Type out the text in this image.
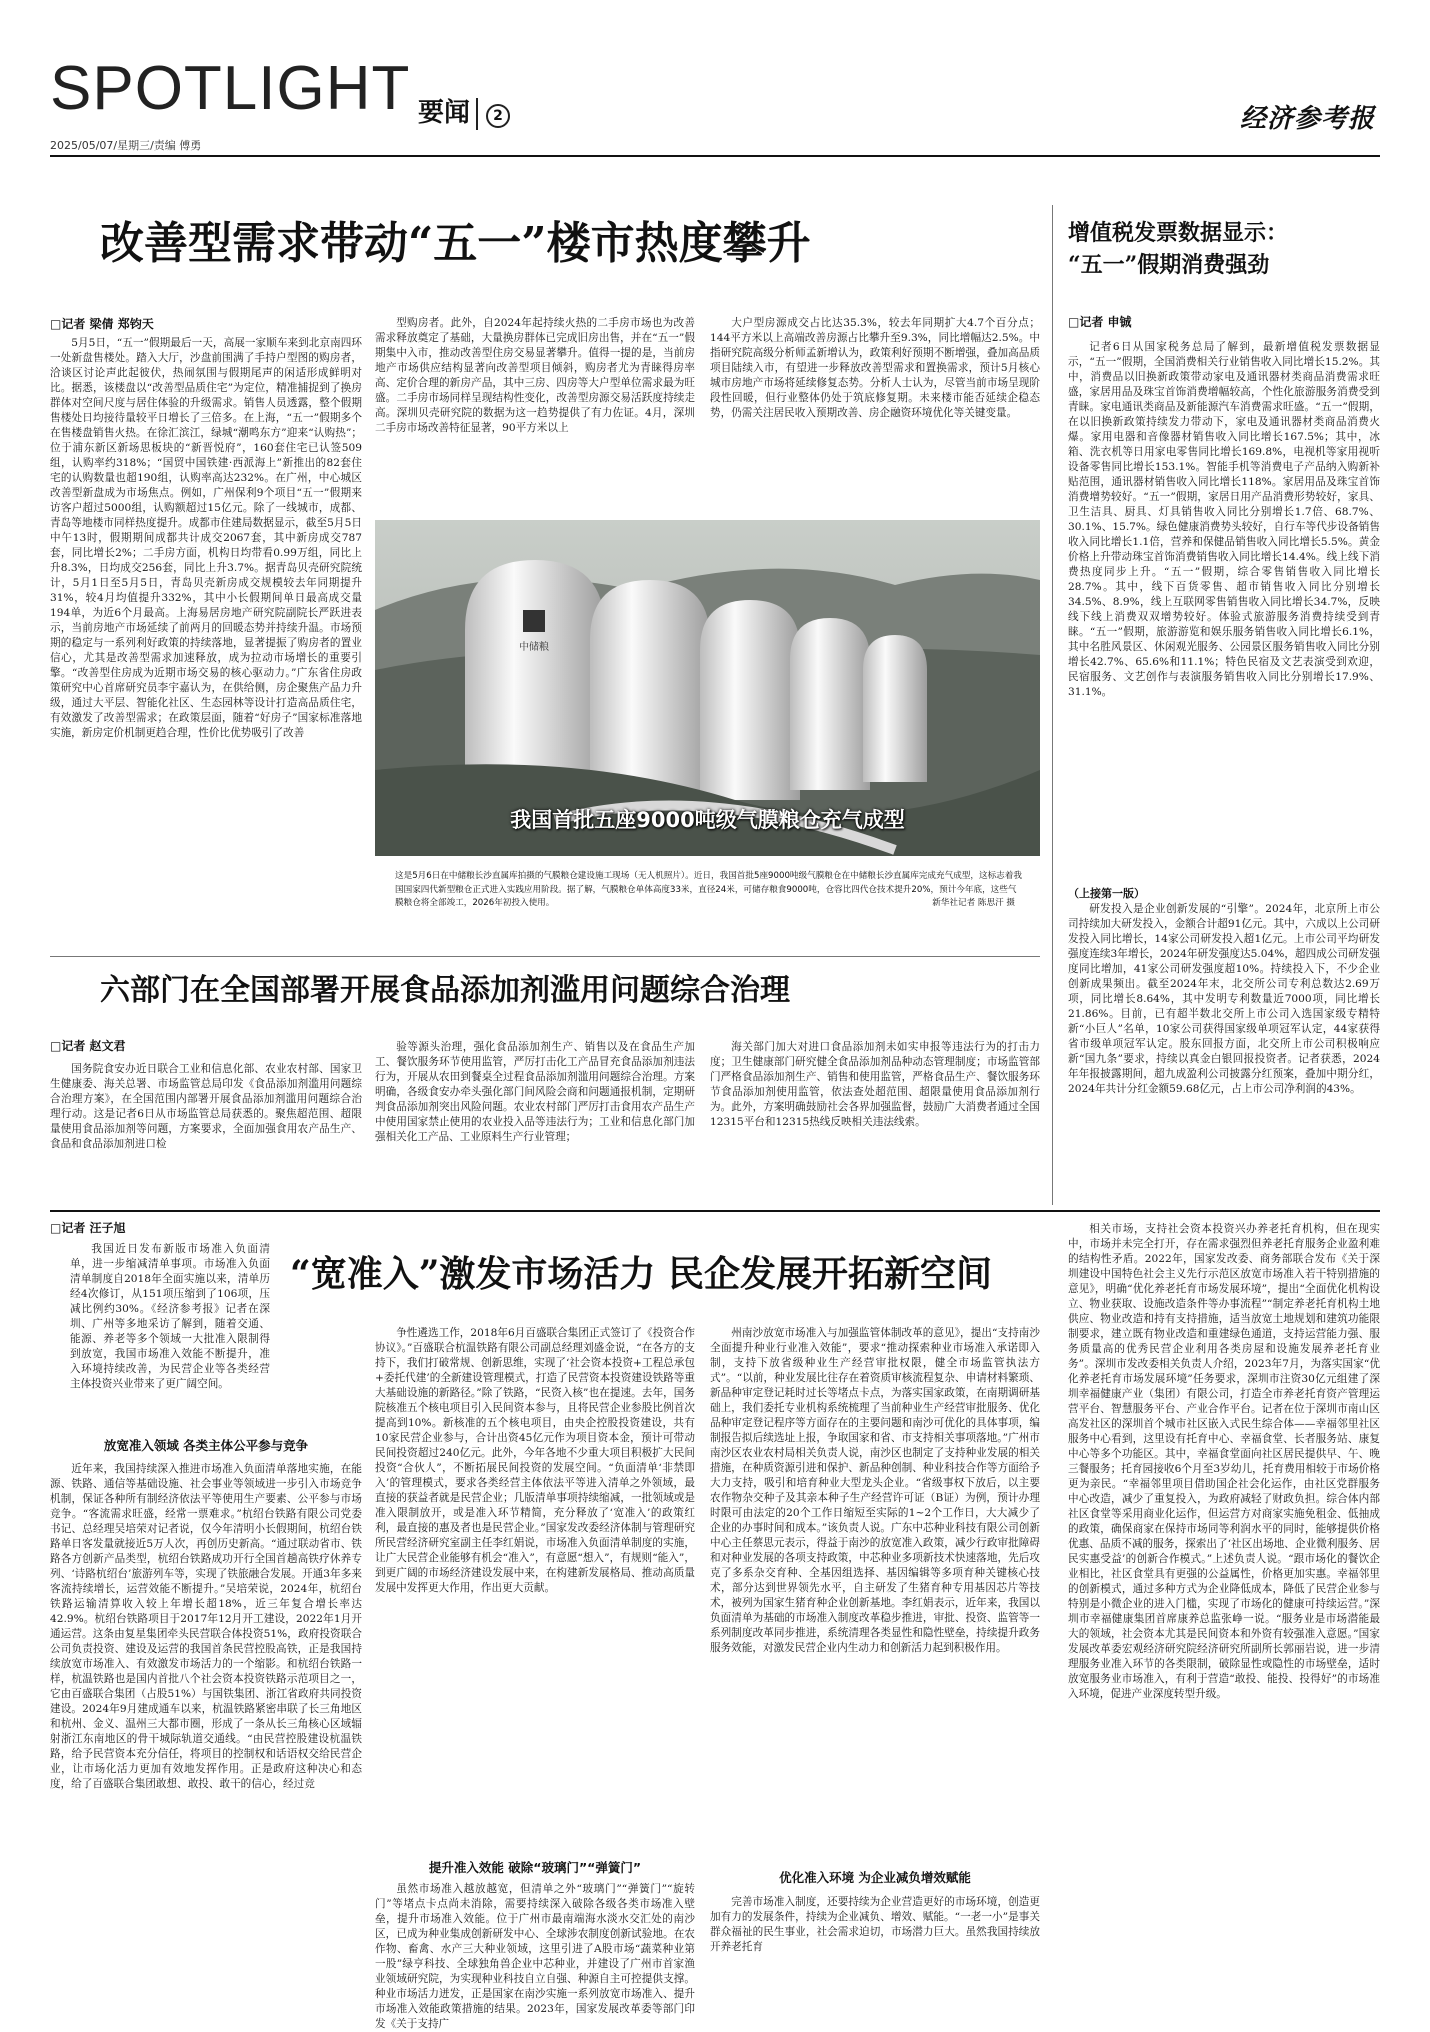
SPOTLIGHT 要闻	2
2025/05/07/星期三/责编 傅勇
经济参考报
改善型需求带动“五一”楼市热度攀升
□记者 梁倩 郑钧天
5月5日，“五一”假期最后一天，高展一家顺车来到北京南四环一处新盘售楼处。踏入大厅，沙盘前围满了手持户型图的购房者，洽谈区讨论声此起彼伏，热闹氛围与假期尾声的闲适形成鲜明对比。据悉，该楼盘以“改善型品质住宅”为定位，精准捕捉到了换房群体对空间尺度与居住体验的升级需求。销售人员透露，整个假期售楼处日均接待量较平日增长了三倍多。在上海，“五一”假期多个在售楼盘销售火热。在徐汇滨江，绿城“潮鸣东方”迎来“认购热”；位于浦东新区新场思板块的“新晋悦府”，160套住宅已认签509组，认购率约318%；“国贸中国铁建·西派海上”新推出的82套住宅的认购数量也超190组，认购率高达232%。在广州，中心城区改善型新盘成为市场焦点。例如，广州保利9个项目“五一”假期来访客户超过5000组，认购额超过15亿元。除了一线城市，成都、青岛等地楼市同样热度提升。成都市住建局数据显示，截至5月5日中午13时，假期期间成都共计成交2067套，其中新房成交787套，同比增长2%；二手房方面，机构日均带看0.99万组，同比上升8.3%，日均成交256套，同比上升3.7%。据青岛贝壳研究院统计，5月1日至5月5日，青岛贝壳新房成交规模较去年同期提升31%，较4月均值提升332%，其中小长假期间单日最高成交量194单，为近6个月最高。上海易居房地产研究院副院长严跃进表示，当前房地产市场延续了前两月的回暖态势并持续升温。市场预期的稳定与一系列利好政策的持续落地，显著提振了购房者的置业信心，尤其是改善型需求加速释放，成为拉动市场增长的重要引擎。“改善型住房成为近期市场交易的核心驱动力。”广东省住房政策研究中心首席研究员李宇嘉认为，在供给侧，房企聚焦产品力升级，通过大平层、智能化社区、生态园林等设计打造高品质住宅，有效激发了改善型需求；在政策层面，随着“好房子”国家标准落地实施，新房定价机制更趋合理，性价比优势吸引了改善
型购房者。此外，自2024年起持续火热的二手房市场也为改善需求释放奠定了基础，大量换房群体已完成旧房出售，并在“五一”假期集中入市，推动改善型住房交易显著攀升。值得一提的是，当前房地产市场供应结构显著向改善型项目倾斜，购房者尤为青睐得房率高、定价合理的新房产品，其中三房、四房等大户型单位需求最为旺盛。二手房市场同样呈现结构性变化，改善型房源交易活跃度持续走高。深圳贝壳研究院的数据为这一趋势提供了有力佐证。4月，深圳二手房市场改善特征显著，90平方米以上
大户型房源成交占比达35.3%，较去年同期扩大4.7个百分点；144平方米以上高端改善房源占比攀升至9.3%，同比增幅达2.5%。中指研究院高级分析师孟新增认为，政策利好预期不断增强，叠加高品质项目陆续入市，有望进一步释放改善型需求和置换需求，预计5月核心城市房地产市场将延续修复态势。分析人士认为，尽管当前市场呈现阶段性回暖，但行业整体仍处于筑底修复期。未来楼市能否延续企稳态势，仍需关注居民收入预期改善、房企融资环境优化等关键变量。
中储粮
我国首批五座9000吨级气膜粮仓充气成型
这是5月6日在中储粮长沙直属库拍摄的气膜粮仓建设施工现场（无人机照片）。近日，我国首批5座9000吨级气膜粮仓在中储粮长沙直属库完成充气成型，这标志着我国国家四代新型粮仓正式进入实践应用阶段。据了解，气膜粮仓单体高度33米，直径24米，可储存粮食9000吨，仓容比四代仓技术提升20%，预计今年底，这些气膜粮仓将全部竣工，2026年初投入使用。	新华社记者 陈思汗 摄
增值税发票数据显示：
“五一”假期消费强劲
□记者 申铖
记者6日从国家税务总局了解到，最新增值税发票数据显示，“五一”假期，全国消费相关行业销售收入同比增长15.2%。其中，消费品以旧换新政策带动家电及通讯器材类商品消费需求旺盛，家居用品及珠宝首饰消费增幅较高，个性化旅游服务消费受到青睐。家电通讯类商品及新能源汽车消费需求旺盛。“五一”假期，在以旧换新政策持续发力带动下，家电及通讯器材类商品消费火爆。家用电器和音像器材销售收入同比增长167.5%；其中，冰箱、洗衣机等日用家电零售同比增长169.8%，电视机等家用视听设备零售同比增长153.1%。智能手机等消费电子产品纳入购新补贴范围，通讯器材销售收入同比增长118%。家居用品及珠宝首饰消费增势较好。“五一”假期，家居日用产品消费形势较好，家具、卫生洁具、厨具、灯具销售收入同比分别增长1.7倍、68.7%、30.1%、15.7%。绿色健康消费势头较好，自行车等代步设备销售收入同比增长1.1倍，营养和保健品销售收入同比增长5.5%。黄金价格上升带动珠宝首饰消费销售收入同比增长14.4%。线上线下消费热度同步上升。“五一”假期，综合零售销售收入同比增长28.7%。其中，线下百货零售、超市销售收入同比分别增长34.5%、8.9%，线上互联网零售销售收入同比增长34.7%，反映线下线上消费双双增势较好。体验式旅游服务消费持续受到青睐。“五一”假期，旅游游览和娱乐服务销售收入同比增长6.1%，其中名胜风景区、休闲观光服务、公园景区服务销售收入同比分别增长42.7%、65.6%和11.1%；特色民宿及文艺表演受到欢迎，民宿服务、文艺创作与表演服务销售收入同比分别增长17.9%、31.1%。
（上接第一版）
研发投入是企业创新发展的“引擎”。2024年，北京所上市公司持续加大研发投入，金额合计超91亿元。其中，六成以上公司研发投入同比增长，14家公司研发投入超1亿元。上市公司平均研发强度连续3年增长，2024年研发强度达5.04%，超四成公司研发强度同比增加，41家公司研发强度超10%。持续投入下，不少企业创新成果频出。截至2024年末，北交所公司专利总数达2.69万项，同比增长8.64%，其中发明专利数量近7000项，同比增长21.86%。目前，已有超半数北交所上市公司入选国家级专精特新“小巨人”名单，10家公司获得国家级单项冠军认定，44家获得省市级单项冠军认定。股东回报方面，北交所上市公司积极响应新“国九条”要求，持续以真金白银回报投资者。记者获悉，2024年年报披露期间，超九成盈利公司披露分红预案，叠加中期分红，2024年共计分红金额59.68亿元，占上市公司净利润的43%。
六部门在全国部署开展食品添加剂滥用问题综合治理
□记者 赵文君
国务院食安办近日联合工业和信息化部、农业农村部、国家卫生健康委、海关总署、市场监管总局印发《食品添加剂滥用问题综合治理方案》，在全国范围内部署开展食品添加剂滥用问题综合治理行动。这是记者6日从市场监管总局获悉的。聚焦超范围、超限量使用食品添加剂等问题，方案要求，全面加强食用农产品生产、食品和食品添加剂进口检
验等源头治理，强化食品添加剂生产、销售以及在食品生产加工、餐饮服务环节使用监管，严厉打击化工产品冒充食品添加剂违法行为，开展从农田到餐桌全过程食品添加剂滥用问题综合治理。方案明确，各级食安办牵头强化部门间风险会商和问题通报机制，定期研判食品添加剂突出风险问题。农业农村部门严厉打击食用农产品生产中使用国家禁止使用的农业投入品等违法行为；工业和信息化部门加强相关化工产品、工业原料生产行业管理；
海关部门加大对进口食品添加剂未如实申报等违法行为的打击力度；卫生健康部门研究健全食品添加剂品种动态管理制度；市场监管部门严格食品添加剂生产、销售和使用监管，严格食品生产、餐饮服务环节食品添加剂使用监管，依法查处超范围、超限量使用食品添加剂行为。此外，方案明确鼓励社会各界加强监督，鼓励广大消费者通过全国12315平台和12315热线反映相关违法线索。
□记者 汪子旭
“宽准入”激发市场活力 民企发展开拓新空间
我国近日发布新版市场准入负面清单，进一步缩减清单事项。市场准入负面清单制度自2018年全面实施以来，清单历经4次修订，从151项压缩到了106项，压减比例约30%。《经济参考报》记者在深圳、广州等多地采访了解到，随着交通、能源、养老等多个领域一大批准入限制得到放宽，我国市场准入效能不断提升，准入环境持续改善，为民营企业等各类经营主体投资兴业带来了更广阔空间。
放宽准入领域 各类主体公平参与竞争
近年来，我国持续深入推进市场准入负面清单落地实施，在能源、铁路、通信等基础设施、社会事业等领域进一步引入市场竞争机制，保证各种所有制经济依法平等使用生产要素、公平参与市场竞争。“客流需求旺盛，经常一票难求。”杭绍台铁路有限公司党委书记、总经理吴培荣对记者说，仅今年清明小长假期间，杭绍台铁路单日客发量就接近5万人次，再创历史新高。“通过联动省市、铁路各方创新产品类型，杭绍台铁路成功开行全国首趟高铁疗休养专列、‘诗路杭绍台’旅游列车等，实现了铁旅融合发展。开通3年多来客流持续增长，运营效能不断提升。”吴培荣说，2024年，杭绍台铁路运输清算收入较上年增长超18%，近三年复合增长率达42.9%。杭绍台铁路项目于2017年12月开工建设，2022年1月开通运营。这条由复星集团牵头民营联合体投资51%，政府投资联合公司负责投资、建设及运营的我国首条民营控股高铁，正是我国持续放宽市场准入、有效激发市场活力的一个缩影。和杭绍台铁路一样，杭温铁路也是国内首批八个社会资本投资铁路示范项目之一，它由百盛联合集团（占股51%）与国铁集团、浙江省政府共同投资建设。2024年9月建成通车以来，杭温铁路紧密串联了长三角地区和杭州、金义、温州三大都市圈，形成了一条从长三角核心区域辐射浙江东南地区的骨干城际轨道交通线。“由民营控股建设杭温铁路，给予民营资本充分信任，将项目的控制权和话语权交给民营企业，让市场化活力更加有效地发挥作用。正是政府这种决心和态度，给了百盛联合集团敢想、敢投、敢干的信心，经过竞
争性遴选工作，2018年6月百盛联合集团正式签订了《投资合作协议》。”百盛联合杭温铁路有限公司副总经理刘盛金说，“在各方的支持下，我们打破常规、创新思维，实现了‘社会资本投资+工程总承包+委托代建’的全新建设管理模式，打造了民营资本投资建设铁路等重大基础设施的新路径。”除了铁路，“民资入核”也在提速。去年，国务院核准五个核电项目引入民间资本参与，且将民营企业参股比例首次提高到10%。新核准的五个核电项目，由央企控股投资建设，共有10家民营企业参与，合计出资45亿元作为项目资本金，预计可带动民间投资超过240亿元。此外，今年各地不少重大项目积极扩大民间投资“合伙人”，不断拓展民间投资的发展空间。“负面清单‘非禁即入’的管理模式，要求各类经营主体依法平等进入清单之外领域，最直接的获益者就是民营企业；几版清单事项持续缩减，一批领域或是准入限制放开，或是准入环节精简，充分释放了‘宽准入’的政策红利，最直接的惠及者也是民营企业。”国家发改委经济体制与管理研究所民营经济研究室副主任李红娟说，市场准入负面清单制度的实施，让广大民营企业能够有机会“准入”，有意愿“想入”，有规则“能入”，到更广阔的市场经济建设发展中来，在构建新发展格局、推动高质量发展中发挥更大作用，作出更大贡献。
提升准入效能 破除“玻璃门”“弹簧门”
虽然市场准入越放越宽，但清单之外“玻璃门”“弹簧门”“旋转门”等堵点卡点尚未消除，需要持续深入破除各级各类市场准入壁垒，提升市场准入效能。位于广州市最南端海水淡水交汇处的南沙区，已成为种业集成创新研发中心、全球涉农制度创新试验地。在农作物、畜禽、水产三大种业领域，这里引进了A股市场“蔬菜种业第一股”绿亨科技、全球独角兽企业中芯种业，并建设了广州市首家渔业领域研究院，为实现种业科技自立自强、种源自主可控提供支撑。种业市场活力迸发，正是国家在南沙实施一系列放宽市场准入、提升市场准入效能政策措施的结果。2023年，国家发展改革委等部门印发《关于支持广
州南沙放宽市场准入与加强监管体制改革的意见》，提出“支持南沙全面提升种业行业准入效能”，要求“推动探索种业市场准入承诺即入制，支持下放省级种业生产经营审批权限，健全市场监管执法方式”。“以前，种业发展比往存在着资质审核流程复杂、申请材料繁琐、新品种审定登记耗时过长等堵点卡点，为落实国家政策，在南期调研基础上，我们委托专业机构系统梳理了当前种业生产经营审批服务、优化品种审定登记程序等方面存在的主要问题和南沙可优化的具体事项，编制报告拟后续选址上报，争取国家和省、市支持相关事项落地。”广州市南沙区农业农村局相关负责人说，南沙区也制定了支持种业发展的相关措施，在种质资源引进和保护、新品种创制、种业科技合作等方面给予大力支持，吸引和培育种业大型龙头企业。“省级事权下放后，以主要农作物杂交种子及其亲本种子生产经营许可证（B证）为例，预计办理时限可由法定的20个工作日缩短至实际的1~2个工作日，大大减少了企业的办事时间和成本。”该负责人说。广东中芯种业科技有限公司创新中心主任蔡思元表示，得益于南沙的放宽准入政策，减少行政审批障碍和对种业发展的各项支持政策，中芯种业多项新技术快速落地，先后攻克了多系杂交育种、全基因组选择、基因编辑等多项育种关键核心技术，部分达到世界领先水平，自主研发了生猪育种专用基因芯片等技术，被列为国家生猪育种企业创新基地。李红娟表示，近年来，我国以负面清单为基础的市场准入制度改革稳步推进，审批、投资、监管等一系列制度改革同步推进，系统清理各类显性和隐性壁垒，持续提升政务服务效能，对激发民营企业内生动力和创新活力起到积极作用。
优化准入环境 为企业减负增效赋能
完善市场准入制度，还要持续为企业营造更好的市场环境，创造更加有力的发展条件，持续为企业减负、增效、赋能。“一老一小”是事关群众福祉的民生事业，社会需求迫切，市场潜力巨大。虽然我国持续放开养老托育
相关市场，支持社会资本投资兴办养老托育机构，但在现实中，市场并未完全打开，存在需求强烈但养老托育服务企业盈利难的结构性矛盾。2022年，国家发改委、商务部联合发布《关于深圳建设中国特色社会主义先行示范区放宽市场准入若干特别措施的意见》，明确“优化养老托育市场发展环境”，提出“全面优化机构设立、物业获取、设施改造条件等办事流程”“制定养老托育机构土地供应、物业改造和持有支持措施，适当放宽土地规划和建筑功能限制要求，建立既有物业改造和重建绿色通道，支持运营能力强、服务质量高的优秀民营企业利用各类房屋和设施发展养老托育业务”。深圳市发改委相关负责人介绍，2023年7月，为落实国家“优化养老托育市场发展环境”任务要求，深圳市注资30亿元组建了深圳幸福健康产业（集团）有限公司，打造全市养老托育资产管理运营平台、智慧服务平台、产业合作平台。记者在位于深圳市南山区高发社区的深圳首个城市社区嵌入式民生综合体——幸福邻里社区服务中心看到，这里设有托育中心、幸福食堂、长者服务站、康复中心等多个功能区。其中，幸福食堂面向社区居民提供早、午、晚三餐服务；托育园接收6个月至3岁幼儿，托育费用相较于市场价格更为亲民。“幸福邻里项目借助国企社会化运作，由社区党群服务中心改造，减少了重复投入，为政府减轻了财政负担。综合体内部社区食堂等采用商业化运作，但运营方对商家实施免租金、低抽成的政策，确保商家在保持市场同等利润水平的同时，能够提供价格优惠、品质不减的服务，探索出了‘社区出场地、企业微利服务、居民实惠受益’的创新合作模式。”上述负责人说。“跟市场化的餐饮企业相比，社区食堂具有更强的公益属性，价格更加实惠。幸福邻里的创新模式，通过多种方式为企业降低成本，降低了民营企业参与特别是小微企业的进入门槛，实现了市场化的健康可持续运营。”深圳市幸福健康集团首席康养总监张峥一说。“服务业是市场潜能最大的领域，社会资本尤其是民间资本和外资有较强准入意愿。”国家发展改革委宏观经济研究院经济研究所副所长郭丽岩说，进一步清理服务业准入环节的各类限制，破除显性或隐性的市场壁垒，适时放宽服务业市场准入，有利于营造“敢投、能投、投得好”的市场准入环境，促进产业深度转型升级。
